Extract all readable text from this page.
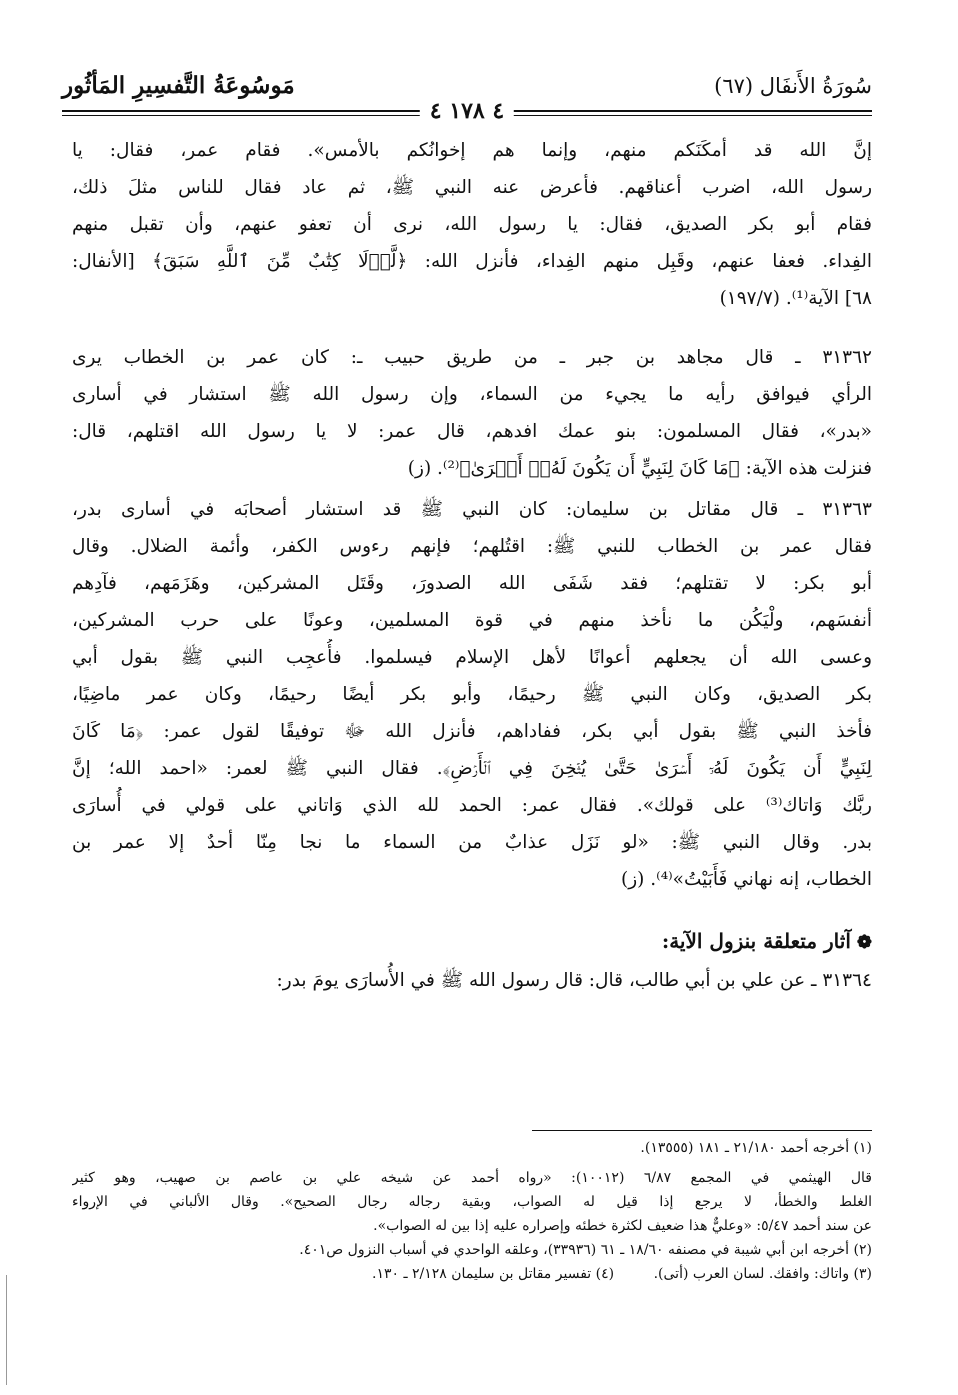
سُورَةُ الأَنفَال (٦٧)
مَوسُوعَةُ التَّفسِيرِ المَأثُور
٤ ١٧٨ ٤
إنَّ الله قد أمكَنَكم منهم، وإنما هم إخوانُكم بالأمس». فقام عمر، فقال: يا
رسول الله، اضرب أعناقهم. فأعرض عنه النبي ﷺ، ثم عاد فقال للناس مثلَ ذلك،
فقام أبو بكر الصديق، فقال: يا رسول الله، نرى أن تعفو عنهم، وأن تقبل منهم
الفِداء. فعفا عنهم، وقَبِل منهم الفِداء، فأنزل الله: ﴿لَّوۡلَا كِتَٰبٌ مِّنَ ٱللَّهِ سَبَقَ﴾ [الأنفال:
٦٨] الآية⁽¹⁾. (١٩٧/٧)
٣١٣٦٢ ـ قال مجاهد بن جبر ـ من طريق حبيب ـ: كان عمر بن الخطاب يرى
الرأي فيوافق رأيه ما يجيء من السماء، وإن رسول الله ﷺ استشار في أسارى
«بدر»، فقال المسلمون: بنو عمك افدهم، قال عمر: لا يا رسول الله اقتلهم، قال:
فنزلت هذه الآية: ﴿مَا كَانَ لِنَبِيٍّ أَن يَكُونَ لَهُۥٓ أَسۡرَىٰ﴾⁽²⁾. (ز)
٣١٣٦٣ ـ قال مقاتل بن سليمان: كان النبي ﷺ قد استشار أصحابَه في أسارى بدر،
فقال عمر بن الخطاب للنبي ﷺ: اقتُلهم؛ فإنهم رءوس الكفر، وأئمة الضلال. وقال
أبو بكر: لا تقتلهم؛ فقد شَفَى الله الصدورَ، وقَتَل المشركين، وهَزَمَهم، فآدِهم
أنفسَهم، ولْيَكُن ما نأخذ منهم في قوة المسلمين، وعونًا على حرب المشركين،
وعسى الله أن يجعلهم أعوانًا لأهل الإسلام فيسلموا. فأُعجِب النبي ﷺ بقول أبي
بكر الصديق، وكان النبي ﷺ رحيمًا، وأبو بكر أيضًا رحيمًا، وكان عمر ماضِيًا،
فأخذ النبي ﷺ بقول أبي بكر، ففاداهم، فأنزل الله ﷻ توفيقًا لقول عمر: ﴿مَا كَانَ
لِنَبِيٍّ أَن يَكُونَ لَهُۥٓ أَسۡرَىٰ حَتَّىٰ يُثۡخِنَ فِي ٱلۡأَرۡضِ﴾. فقال النبي ﷺ لعمر: «احمد الله؛ إنَّ
ربَّك وَاتاك⁽³⁾ على قولك». فقال عمر: الحمد لله الذي وَاتاني على قولي في أُسارَى
بدر. وقال النبي ﷺ: «لو نَزَل عذابٌ من السماء ما نجا مِنّا أحدٌ إلا عمر بن
الخطاب، إنه نهاني فَأَبَيْتُ»⁽⁴⁾. (ز)
❁آثار متعلقة بنزول الآية:
٣١٣٦٤ ـ عن علي بن أبي طالب، قال: قال رسول الله ﷺ في الأُسارَى يومَ بدر:
(١) أخرجه أحمد ٢١/١٨٠ ـ ١٨١ (١٣٥٥٥).
قال الهيثمي في المجمع ٦/٨٧ (١٠٠١٢): «رواه أحمد عن شيخه علي بن عاصم بن صهيب، وهو كثير
الغلط والخطأ، لا يرجع إذا قيل له الصواب، وبقية رجاله رجال الصحيح». وقال الألباني في الإرواء
عن سند أحمد ٥/٤٧: «وعليٌّ هذا ضعيف لكثرة خطئه وإصراره عليه إذا بين له الصواب».
(٢) أخرجه ابن أبي شيبة في مصنفه ١٨/٦٠ ـ ٦١ (٣٣٩٣٦)، وعلقه الواحدي في أسباب النزول ص٤٠١.
(٣) واتاك: وافقك. لسان العرب (أتى).
(٤) تفسير مقاتل بن سليمان ٢/١٢٨ ـ ١٣٠.
